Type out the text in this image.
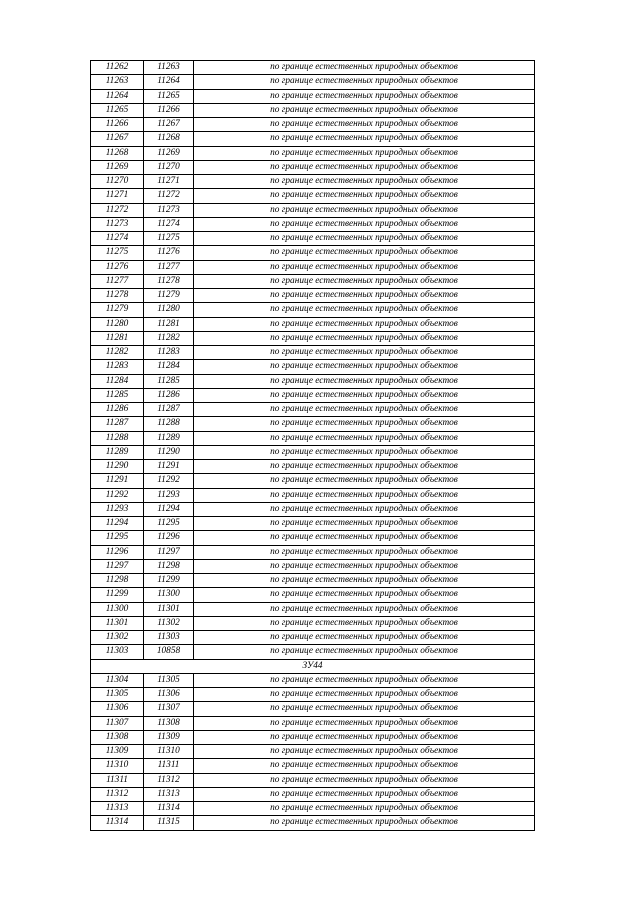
11262	11263	по границе естественных природных объектов
11263	11264	по границе естественных природных объектов
11264	11265	по границе естественных природных объектов
11265	11266	по границе естественных природных объектов
11266	11267	по границе естественных природных объектов
11267	11268	по границе естественных природных объектов
11268	11269	по границе естественных природных объектов
11269	11270	по границе естественных природных объектов
11270	11271	по границе естественных природных объектов
11271	11272	по границе естественных природных объектов
11272	11273	по границе естественных природных объектов
11273	11274	по границе естественных природных объектов
11274	11275	по границе естественных природных объектов
11275	11276	по границе естественных природных объектов
11276	11277	по границе естественных природных объектов
11277	11278	по границе естественных природных объектов
11278	11279	по границе естественных природных объектов
11279	11280	по границе естественных природных объектов
11280	11281	по границе естественных природных объектов
11281	11282	по границе естественных природных объектов
11282	11283	по границе естественных природных объектов
11283	11284	по границе естественных природных объектов
11284	11285	по границе естественных природных объектов
11285	11286	по границе естественных природных объектов
11286	11287	по границе естественных природных объектов
11287	11288	по границе естественных природных объектов
11288	11289	по границе естественных природных объектов
11289	11290	по границе естественных природных объектов
11290	11291	по границе естественных природных объектов
11291	11292	по границе естественных природных объектов
11292	11293	по границе естественных природных объектов
11293	11294	по границе естественных природных объектов
11294	11295	по границе естественных природных объектов
11295	11296	по границе естественных природных объектов
11296	11297	по границе естественных природных объектов
11297	11298	по границе естественных природных объектов
11298	11299	по границе естественных природных объектов
11299	11300	по границе естественных природных объектов
11300	11301	по границе естественных природных объектов
11301	11302	по границе естественных природных объектов
11302	11303	по границе естественных природных объектов
11303	10858	по границе естественных природных объектов
ЗУ44		
11304	11305	по границе естественных природных объектов
11305	11306	по границе естественных природных объектов
11306	11307	по границе естественных природных объектов
11307	11308	по границе естественных природных объектов
11308	11309	по границе естественных природных объектов
11309	11310	по границе естественных природных объектов
11310	11311	по границе естественных природных объектов
11311	11312	по границе естественных природных объектов
11312	11313	по границе естественных природных объектов
11313	11314	по границе естественных природных объектов
11314	11315	по границе естественных природных объектов
